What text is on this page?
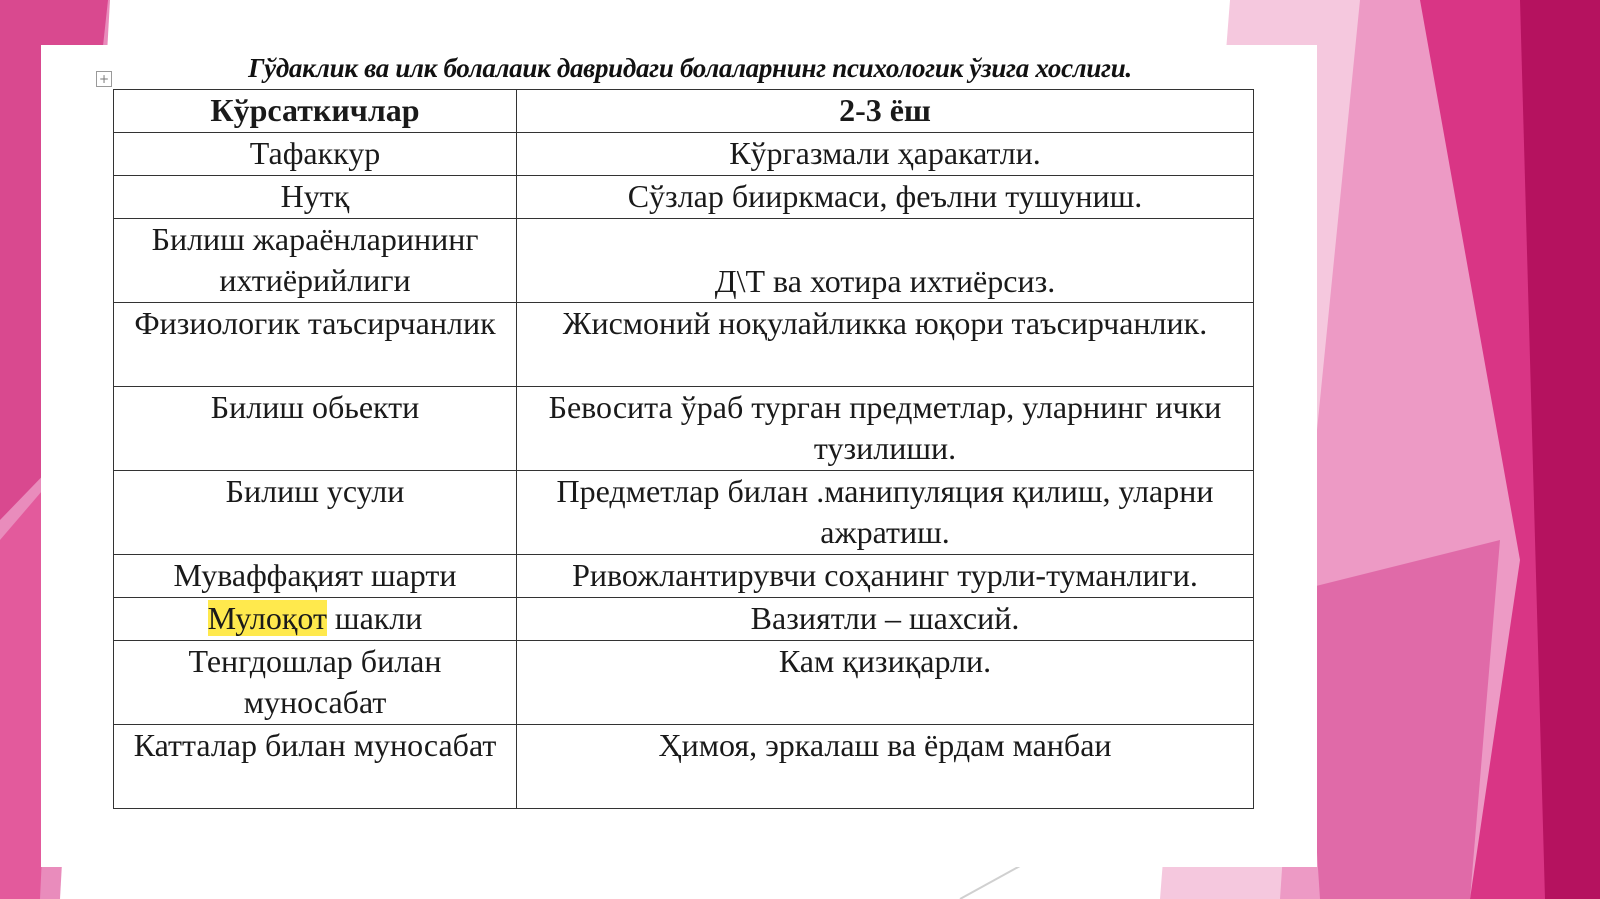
+	Гўдаклик ва илк болалаик давридаги болаларнинг психологик ўзига хослиги.
Кўрсаткичлар	2-3 ёш
Тафаккур	Кўргазмали ҳаракатли.
Нутқ	Сўзлар бииркмаси, феълни тушуниш.
Билиш жараёнларининг ихтиёрийлиги	Д\Т ва хотира ихтиёрсиз.
Физиологик таъсирчанлик	Жисмоний ноқулайликка юқори таъсирчанлик.
Билиш обьекти	Бевосита ўраб турган предметлар, уларнинг ички тузилиши.
Билиш усули	Предметлар билан .манипуляция қилиш, уларни ажратиш.
Муваффақият шарти	Ривожлантирувчи соҳанинг турли-туманлиги.
Мулоқот шакли	Вазиятли – шахсий.
Тенгдошлар билан муносабат	Кам қизиқарли.
Катталар билан муносабат	Ҳимоя, эркалаш ва ёрдам манбаи
